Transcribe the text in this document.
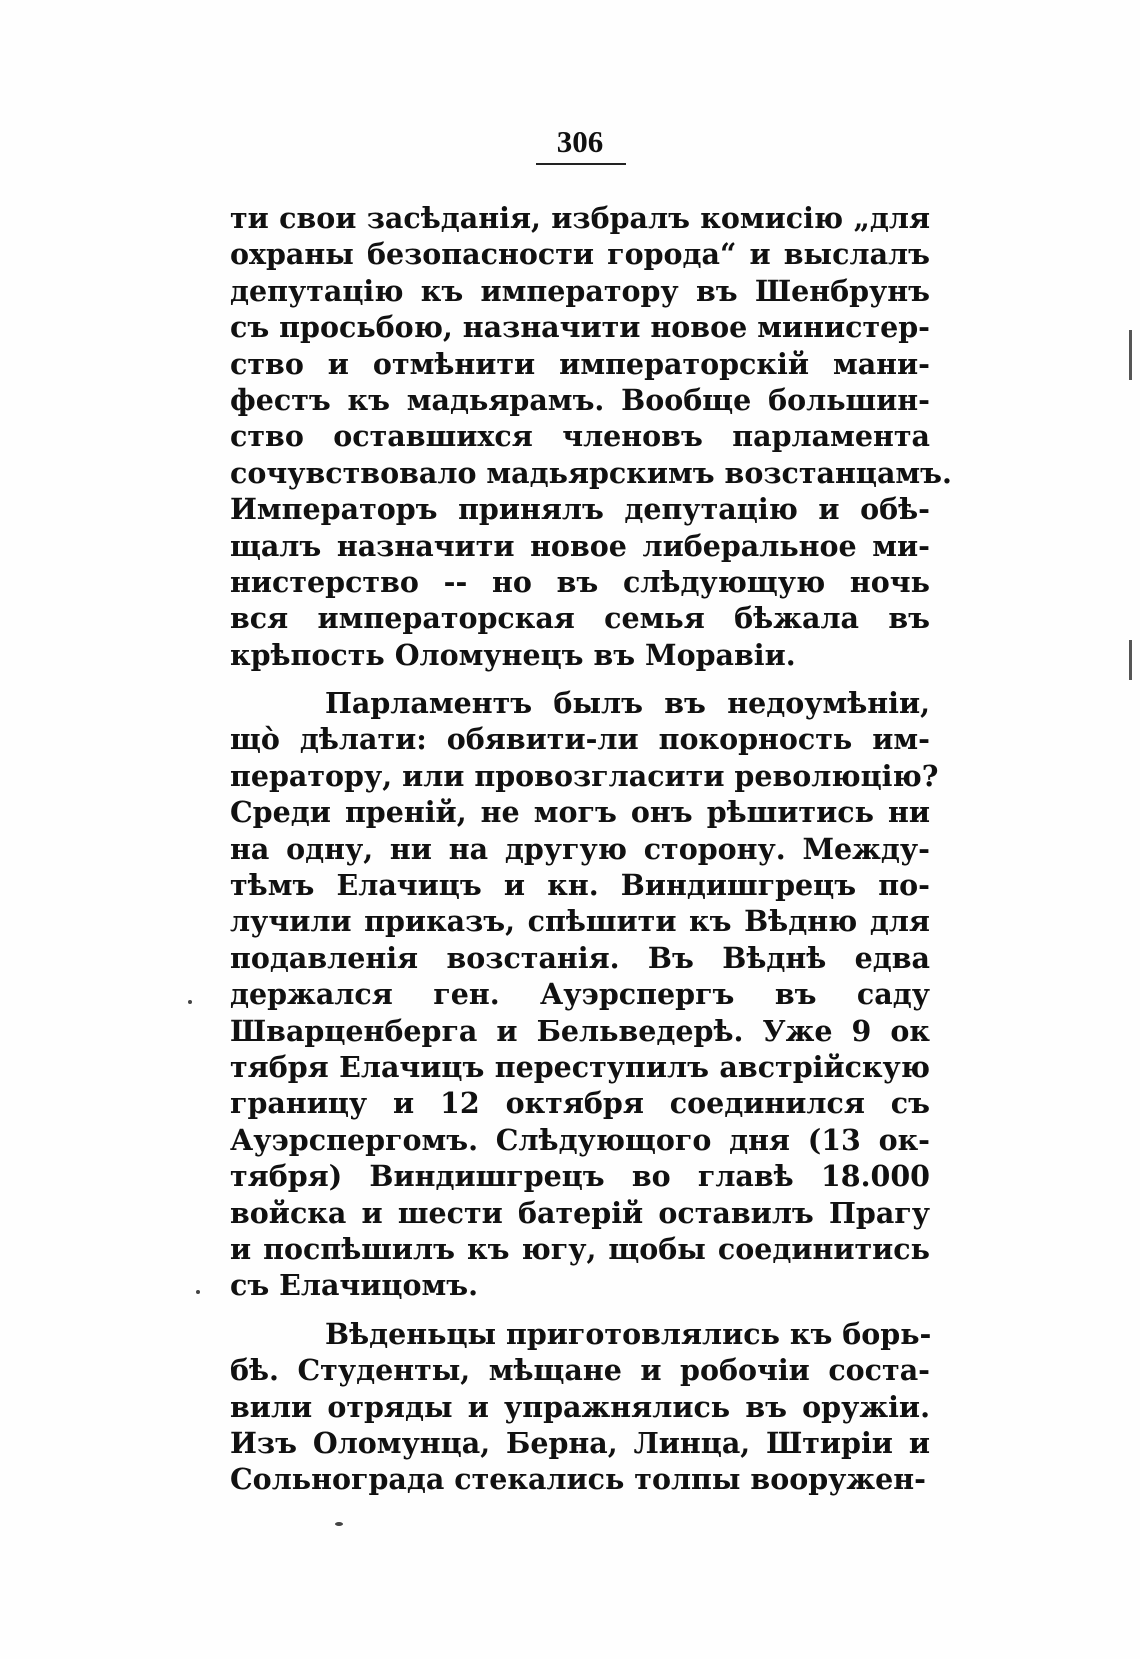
306
ти свои засѣданія, избралъ комисію „для
охраны безопасности города“ и выслалъ
депутацію къ императору въ Шенбрунъ
съ просьбою, назначити новое министер-
ство и отмѣнити императорскій мани-
фестъ къ мадьярамъ. Вообще большин-
ство оставшихся членовъ парламента
сочувствовало мадьярскимъ возстанцамъ.
Императоръ принялъ депутацію и обѣ-
щалъ назначити новое либеральное ми-
нистерство -- но въ слѣдующую ночь
вся императорская семья бѣжала въ
крѣпость Оломунецъ въ Моравіи.
Парламентъ былъ въ недоумѣніи,
що̀ дѣлати: обявити-ли покорность им-
ператору, или провозгласити революцію?
Среди преній, не могъ онъ рѣшитись ни
на одну, ни на другую сторону. Между-
тѣмъ Елачицъ и кн. Виндишгрецъ по-
лучили приказъ, спѣшити къ Вѣдню для
подавленія возстанія. Въ Вѣднѣ едва
держался ген. Ауэрспергъ въ саду
Шварценберга и Бельведерѣ. Уже 9 ок
тября Елачицъ переступилъ австрійскую
границу и 12 октября соединился съ
Ауэрспергомъ. Слѣдующого дня (13 ок-
тября) Виндишгрецъ во главѣ 18.000
войска и шести батерій оставилъ Прагу
и поспѣшилъ къ югу, щобы соединитись
съ Елачицомъ.
Вѣденьцы приготовлялись къ борь-
бѣ. Студенты, мѣщане и робочіи соста-
вили отряды и упражнялись въ оружіи.
Изъ Оломунца, Берна, Линца, Штиріи и
Сольнограда стекались толпы вооружен-
